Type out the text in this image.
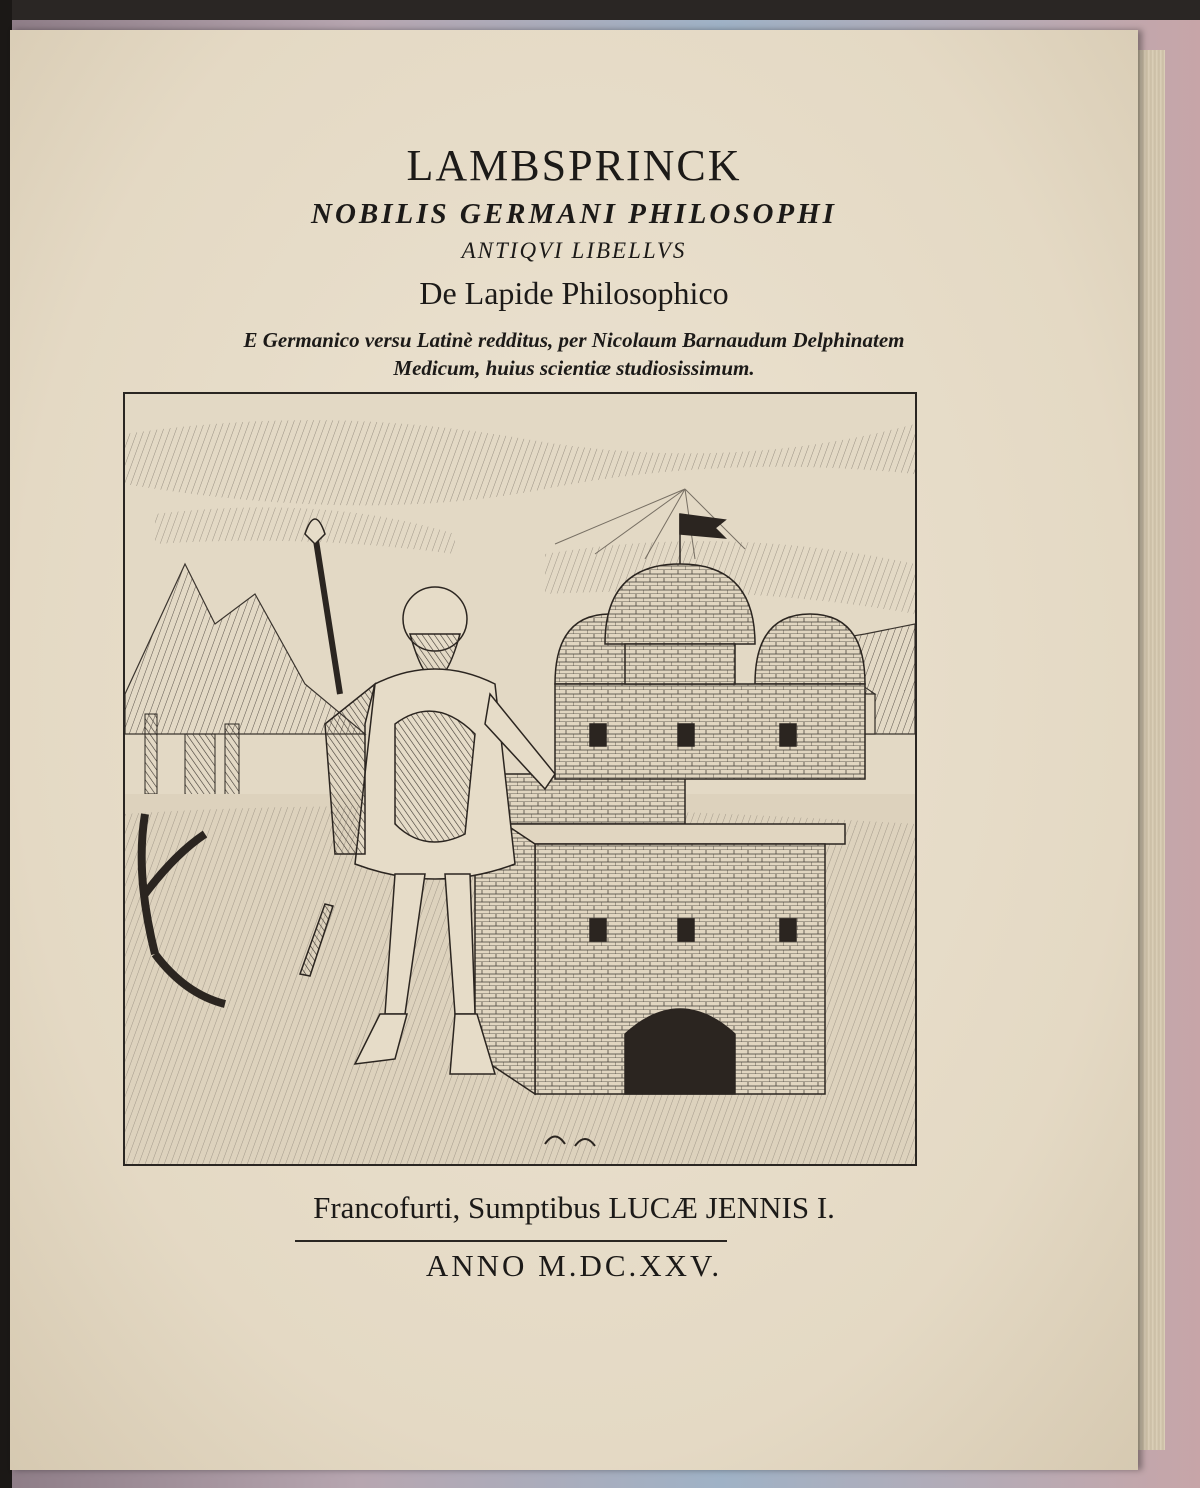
LAMBSPRINCK
NOBILIS GERMANI PHILOSOPHI
ANTIQVI LIBELLVS
De Lapide Philosophico
E Germanico versu Latinè redditus, per Nicolaum Barnaudum Delphinatem
Medicum, huius scientiæ studiosissimum.
Francofurti, Sumptibus LUCÆ JENNIS I.
ANNO M.DC.XXV.
